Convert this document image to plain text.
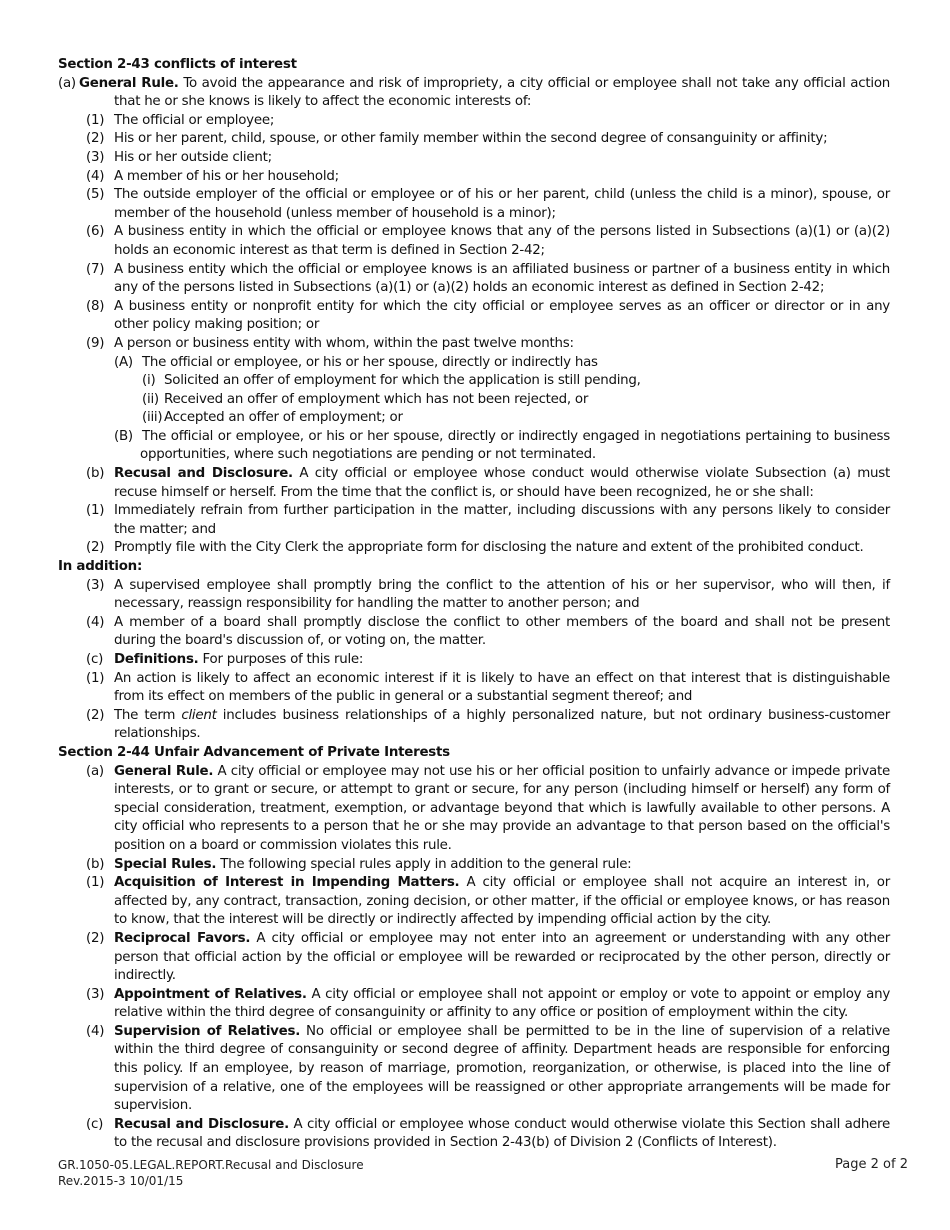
Section 2-43 conflicts of interest
(a) General Rule. To avoid the appearance and risk of impropriety, a city official or employee shall not take any official action that he or she knows is likely to affect the economic interests of:
(1) The official or employee;
(2) His or her parent, child, spouse, or other family member within the second degree of consanguinity or affinity;
(3) His or her outside client;
(4) A member of his or her household;
(5) The outside employer of the official or employee or of his or her parent, child (unless the child is a minor), spouse, or member of the household (unless member of household is a minor);
(6) A business entity in which the official or employee knows that any of the persons listed in Subsections (a)(1) or (a)(2) holds an economic interest as that term is defined in Section 2-42;
(7) A business entity which the official or employee knows is an affiliated business or partner of a business entity in which any of the persons listed in Subsections (a)(1) or (a)(2) holds an economic interest as defined in Section 2-42;
(8) A business entity or nonprofit entity for which the city official or employee serves as an officer or director or in any other policy making position; or
(9) A person or business entity with whom, within the past twelve months:
(A) The official or employee, or his or her spouse, directly or indirectly has
(i) Solicited an offer of employment for which the application is still pending,
(ii) Received an offer of employment which has not been rejected, or
(iii) Accepted an offer of employment; or
(B) The official or employee, or his or her spouse, directly or indirectly engaged in negotiations pertaining to business opportunities, where such negotiations are pending or not terminated.
(b) Recusal and Disclosure. A city official or employee whose conduct would otherwise violate Subsection (a) must recuse himself or herself. From the time that the conflict is, or should have been recognized, he or she shall:
(1) Immediately refrain from further participation in the matter, including discussions with any persons likely to consider the matter; and
(2) Promptly file with the City Clerk the appropriate form for disclosing the nature and extent of the prohibited conduct.
In addition:
(3) A supervised employee shall promptly bring the conflict to the attention of his or her supervisor, who will then, if necessary, reassign responsibility for handling the matter to another person; and
(4) A member of a board shall promptly disclose the conflict to other members of the board and shall not be present during the board's discussion of, or voting on, the matter.
(c) Definitions. For purposes of this rule:
(1) An action is likely to affect an economic interest if it is likely to have an effect on that interest that is distinguishable from its effect on members of the public in general or a substantial segment thereof; and
(2) The term client includes business relationships of a highly personalized nature, but not ordinary business-customer relationships.
Section 2-44 Unfair Advancement of Private Interests
(a) General Rule. A city official or employee may not use his or her official position to unfairly advance or impede private interests, or to grant or secure, or attempt to grant or secure, for any person (including himself or herself) any form of special consideration, treatment, exemption, or advantage beyond that which is lawfully available to other persons. A city official who represents to a person that he or she may provide an advantage to that person based on the official's position on a board or commission violates this rule.
(b) Special Rules. The following special rules apply in addition to the general rule:
(1) Acquisition of Interest in Impending Matters. A city official or employee shall not acquire an interest in, or affected by, any contract, transaction, zoning decision, or other matter, if the official or employee knows, or has reason to know, that the interest will be directly or indirectly affected by impending official action by the city.
(2) Reciprocal Favors. A city official or employee may not enter into an agreement or understanding with any other person that official action by the official or employee will be rewarded or reciprocated by the other person, directly or indirectly.
(3) Appointment of Relatives. A city official or employee shall not appoint or employ or vote to appoint or employ any relative within the third degree of consanguinity or affinity to any office or position of employment within the city.
(4) Supervision of Relatives. No official or employee shall be permitted to be in the line of supervision of a relative within the third degree of consanguinity or second degree of affinity. Department heads are responsible for enforcing this policy. If an employee, by reason of marriage, promotion, reorganization, or otherwise, is placed into the line of supervision of a relative, one of the employees will be reassigned or other appropriate arrangements will be made for supervision.
(c) Recusal and Disclosure. A city official or employee whose conduct would otherwise violate this Section shall adhere to the recusal and disclosure provisions provided in Section 2-43(b) of Division 2 (Conflicts of Interest).
GR.1050-05.LEGAL.REPORT.Recusal and Disclosure
Rev.2015-3 10/01/15
Page 2 of 2
